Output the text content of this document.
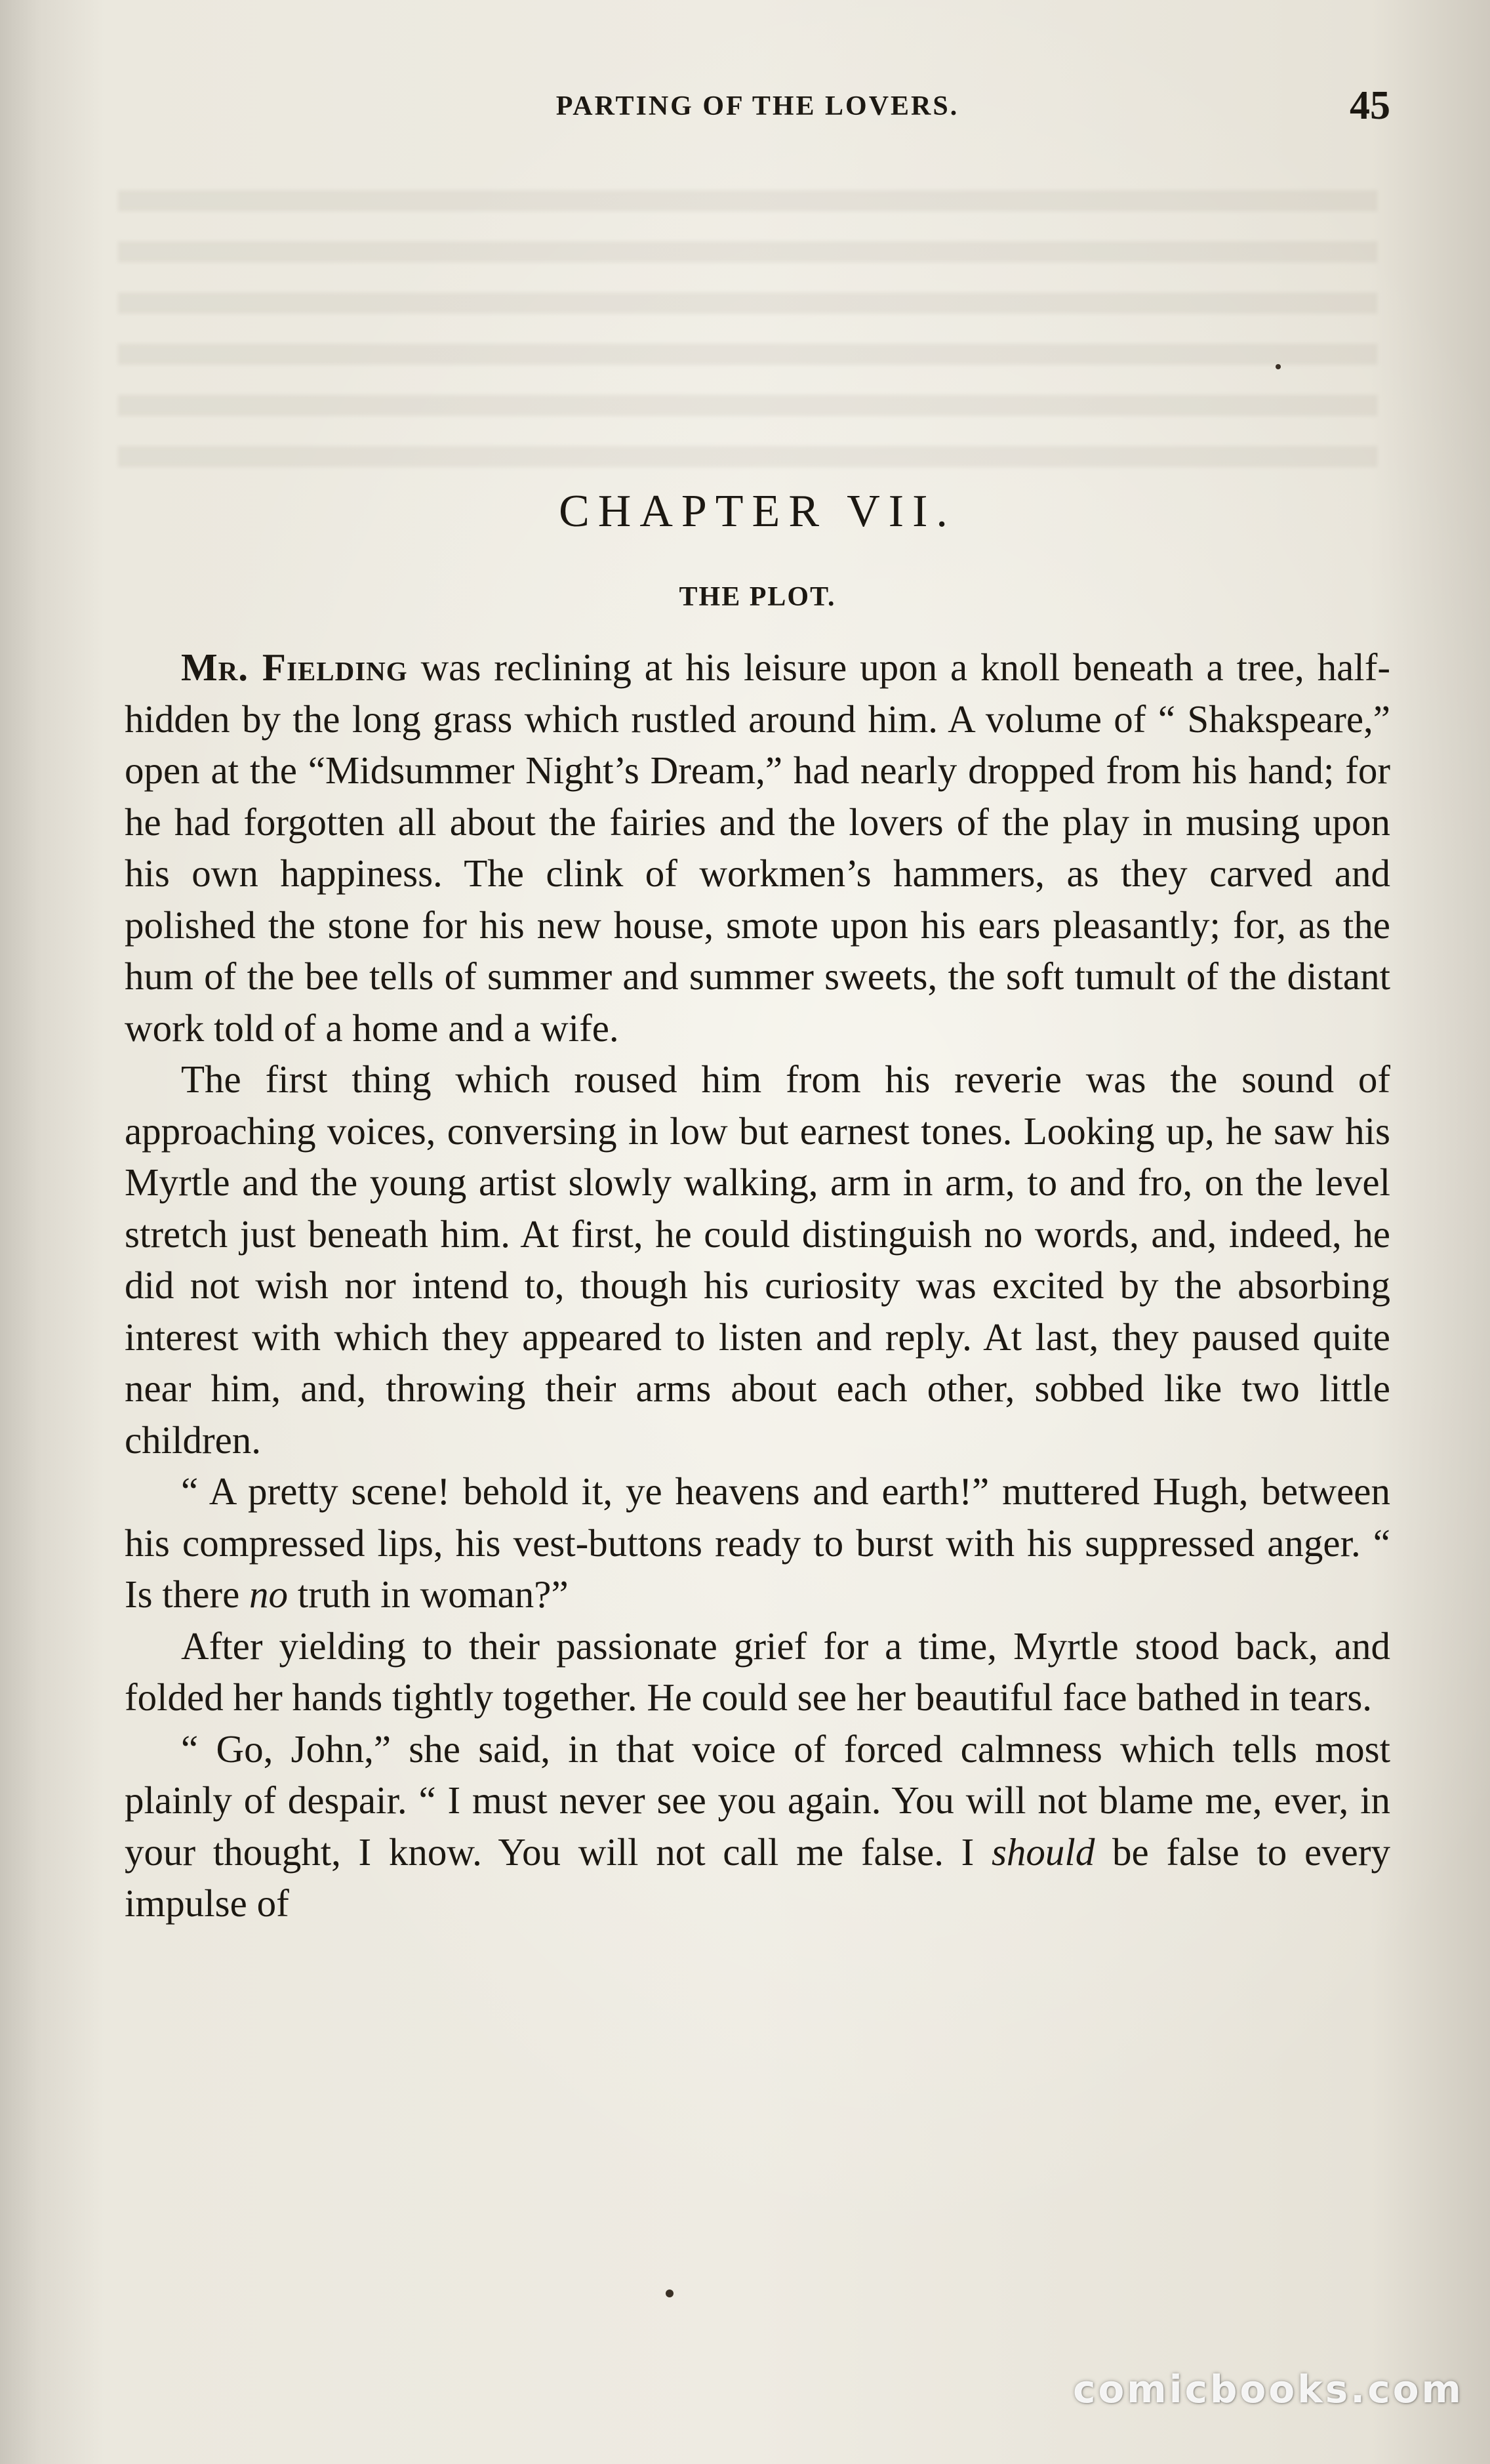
PARTING OF THE LOVERS.	45
CHAPTER VII.
THE PLOT.

Mr. Fielding was reclining at his leisure upon a knoll beneath a tree, half-hidden by the long grass which rustled around him. A volume of “ Shakspeare,” open at the “Midsummer Night’s Dream,” had nearly dropped from his hand; for he had forgotten all about the fairies and the lovers of the play in musing upon his own happiness. The clink of workmen’s hammers, as they carved and polished the stone for his new house, smote upon his ears pleasantly; for, as the hum of the bee tells of summer and summer sweets, the soft tumult of the distant work told of a home and a wife.

The first thing which roused him from his reverie was the sound of approaching voices, conversing in low but earnest tones. Looking up, he saw his Myrtle and the young artist slowly walking, arm in arm, to and fro, on the level stretch just beneath him. At first, he could distinguish no words, and, indeed, he did not wish nor intend to, though his curiosity was excited by the absorbing interest with which they appeared to listen and reply. At last, they paused quite near him, and, throwing their arms about each other, sobbed like two little children.

“ A pretty scene! behold it, ye heavens and earth!” muttered Hugh, between his compressed lips, his vest-buttons ready to burst with his suppressed anger. “ Is there no truth in woman?”

After yielding to their passionate grief for a time, Myrtle stood back, and folded her hands tightly together. He could see her beautiful face bathed in tears.

“ Go, John,” she said, in that voice of forced calmness which tells most plainly of despair. “ I must never see you again. You will not blame me, ever, in your thought, I know. You will not call me false. I should be false to every impulse of

comicbooks.com
